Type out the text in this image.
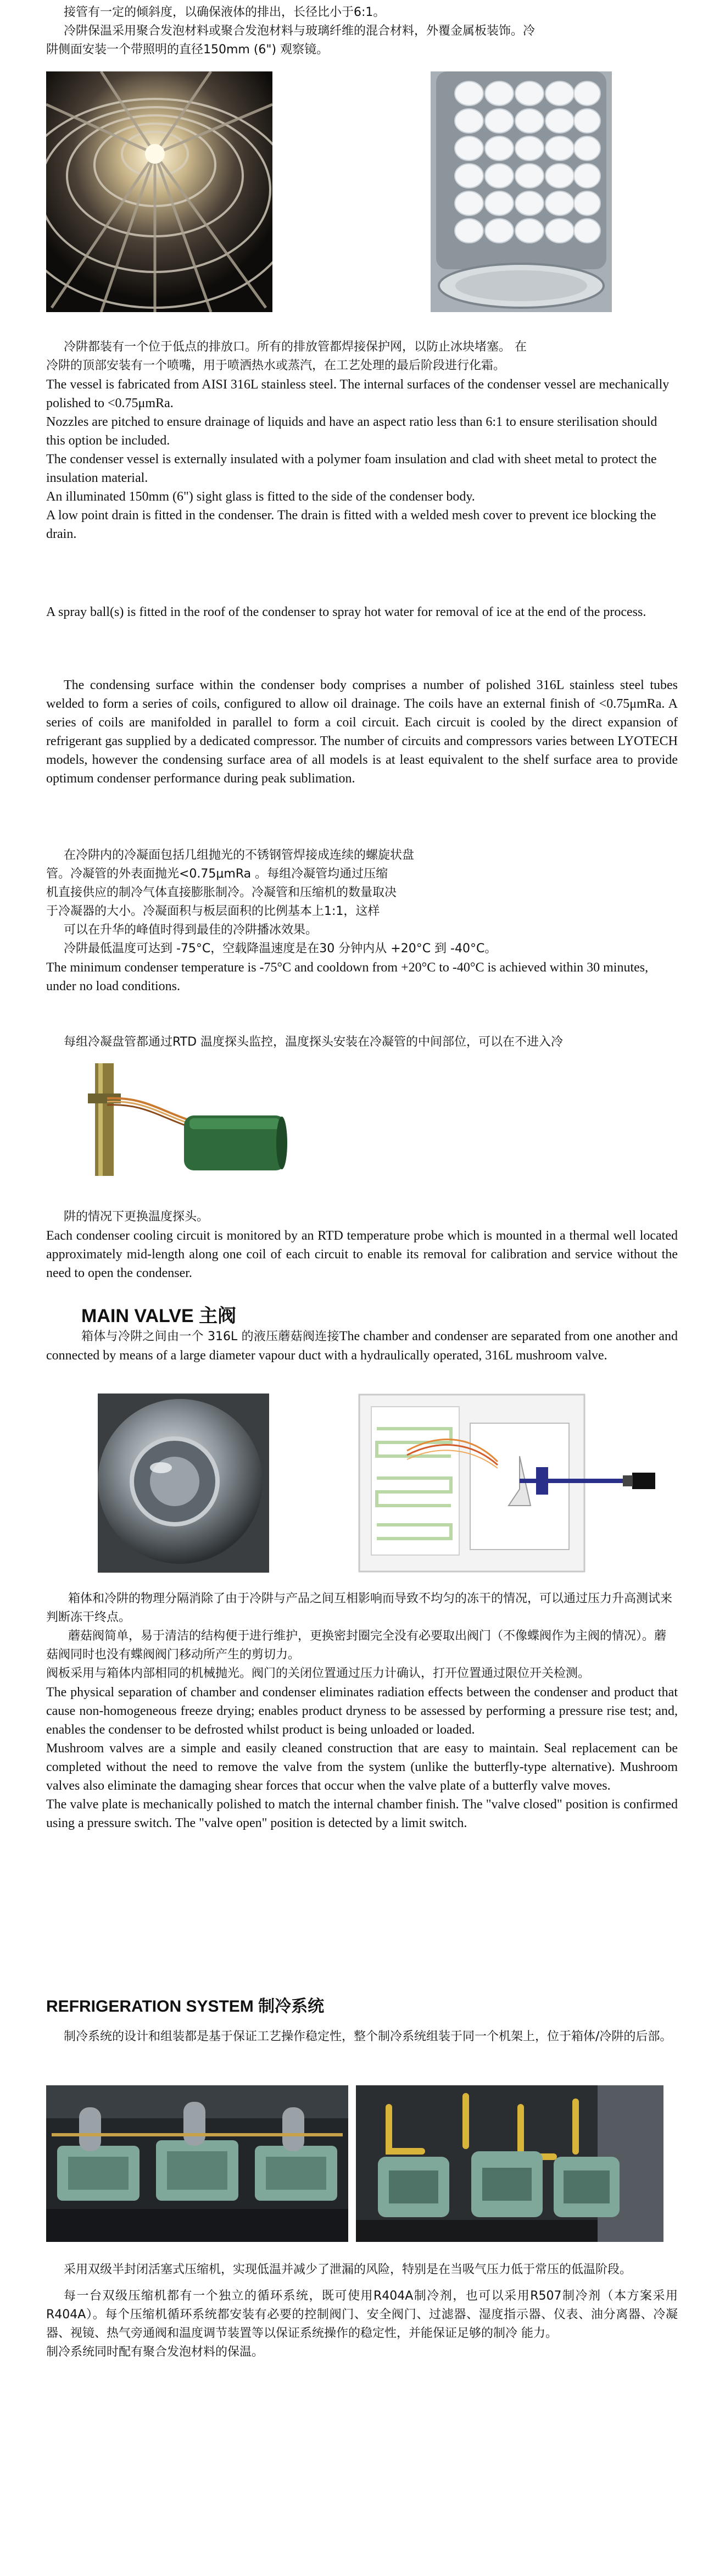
接管有一定的倾斜度，以确保液体的排出，长径比小于6:1。

冷阱保温采用聚合发泡材料或聚合发泡材料与玻璃纤维的混合材料，外覆金属板装饰。冷

阱侧面安装一个带照明的直径150mm (6") 观察镜。

冷阱都装有一个位于低点的排放口。所有的排放管都焊接保护网，以防止冰块堵塞。 在

冷阱的顶部安装有一个喷嘴，用于喷洒热水或蒸汽，在工艺处理的最后阶段进行化霜。

The vessel is fabricated from AISI 316L stainless steel. The internal surfaces of the condenser vessel are mechanically polished to <0.75μmRa.

Nozzles are pitched to ensure drainage of liquids and have an aspect ratio less than 6:1 to ensure sterilisation should this option be included.

The condenser vessel is externally insulated with a polymer foam insulation and clad with sheet metal to protect the insulation material.

An illuminated 150mm (6") sight glass is fitted to the side of the condenser body.

A low point drain is fitted in the condenser. The drain is fitted with a welded mesh cover to prevent ice blocking the drain.

A spray ball(s) is fitted in the roof of the condenser to spray hot water for removal of ice at the end of the process.

The condensing surface within the condenser body comprises a number of polished 316L stainless steel tubes welded to form a series of coils, configured to allow oil drainage. The coils have an external finish of <0.75μmRa. A series of coils are manifolded in parallel to form a coil circuit. Each circuit is cooled by the direct expansion of refrigerant gas supplied by a dedicated compressor. The number of circuits and compressors varies between LYOTECH models, however the condensing surface area of all models is at least equivalent to the shelf surface area to provide optimum condenser performance during peak sublimation.

在冷阱内的冷凝面包括几组抛光的不锈钢管焊接成连续的螺旋状盘

管。冷凝管的外表面抛光<0.75μmRa 。每组冷凝管均通过压缩

机直接供应的制冷气体直接膨胀制冷。冷凝管和压缩机的数量取决

于冷凝器的大小。冷凝面积与板层面积的比例基本上1:1，这样

可以在升华的峰值时得到最佳的冷阱播冰效果。

冷阱最低温度可达到 -75°C，空载降温速度是在30 分钟内从 +20°C 到 -40°C。

The minimum condenser temperature is -75°C and cooldown from +20°C to -40°C is achieved within 30 minutes, under no load conditions.

每组冷凝盘管都通过RTD 温度探头监控，温度探头安装在冷凝管的中间部位，可以在不进入冷

阱的情况下更换温度探头。

Each condenser cooling circuit is monitored by an RTD temperature probe which is mounted in a thermal well located approximately mid-length along one coil of each circuit to enable its removal for calibration and service without the need to open the condenser.

MAIN VALVE 主阀

箱体与冷阱之间由一个 316L 的液压蘑菇阀连接The chamber and condenser are separated from one another and connected by means of a large diameter vapour duct with a hydraulically operated, 316L mushroom valve.

箱体和冷阱的物理分隔消除了由于冷阱与产品之间互相影响而导致不均匀的冻干的情况，可以通过压力升高测试来判断冻干终点。

蘑菇阀简单，易于清洁的结构便于进行维护，更换密封圈完全没有必要取出阀门（不像蝶阀作为主阀的情况）。蘑菇阀同时也没有蝶阀阀门移动所产生的剪切力。

阀板采用与箱体内部相同的机械抛光。阀门的关闭位置通过压力计确认，打开位置通过限位开关检测。

The physical separation of chamber and condenser eliminates radiation effects between the condenser and product that cause non-homogeneous freeze drying; enables product dryness to be assessed by performing a pressure rise test; and, enables the condenser to be defrosted whilst product is being unloaded or loaded.

Mushroom valves are a simple and easily cleaned construction that are easy to maintain. Seal replacement can be completed without the need to remove the valve from the system (unlike the butterfly-type alternative). Mushroom valves also eliminate the damaging shear forces that occur when the valve plate of a butterfly valve moves.

The valve plate is mechanically polished to match the internal chamber finish. The "valve closed" position is confirmed using a pressure switch. The "valve open" position is detected by a limit switch.

REFRIGERATION SYSTEM 制冷系统

制冷系统的设计和组装都是基于保证工艺操作稳定性，整个制冷系统组装于同一个机架上，位于箱体/冷阱的后部。

采用双级半封闭活塞式压缩机，实现低温并减少了泄漏的风险，特别是在当吸气压力低于常压的低温阶段。

每一台双级压缩机都有一个独立的循环系统，既可使用R404A制冷剂，也可以采用R507制冷剂（本方案采用R404A）。每个压缩机循环系统都安装有必要的控制阀门、安全阀门、过滤器、湿度指示器、仪表、油分离器、冷凝器、视镜、热气旁通阀和温度调节装置等以保证系统操作的稳定性，并能保证足够的制冷 能力。

制冷系统同时配有聚合发泡材料的保温。
